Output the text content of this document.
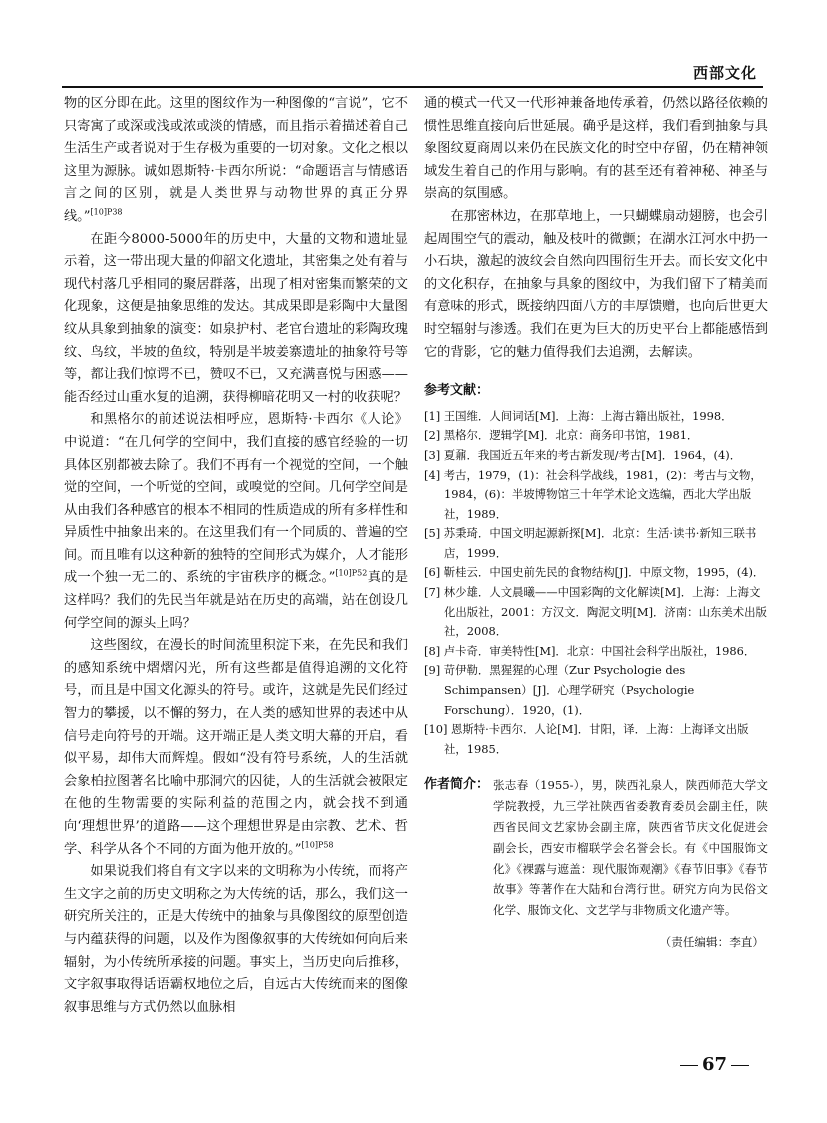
西部文化

物的区分即在此。这里的图纹作为一种图像的“言说”，它不只寄寓了或深或浅或浓或淡的情感，而且指示着描述着自己生活生产或者说对于生存极为重要的一切对象。文化之根以这里为源脉。诚如恩斯特·卡西尔所说：“命题语言与情感语言之间的区别，就是人类世界与动物世界的真正分界线。”$^{[10]P38}$

在距今8000-5000年的历史中，大量的文物和遗址显示着，这一带出现大量的仰韶文化遗址，其密集之处有着与现代村落几乎相同的聚居群落，出现了相对密集而繁荣的文化现象，这便是抽象思维的发达。其成果即是彩陶中大量图纹从具象到抽象的演变：如泉护村、老官台遗址的彩陶玫瑰纹、鸟纹，半坡的鱼纹，特别是半坡姜寨遗址的抽象符号等等，都让我们惊谔不已，赞叹不已，又充满喜悦与困惑——能否经过山重水复的追溯，获得柳暗花明又一村的收获呢？

和黑格尔的前述说法相呼应，恩斯特·卡西尔《人论》中说道：“在几何学的空间中，我们直接的感官经验的一切具体区别都被去除了。我们不再有一个视觉的空间，一个触觉的空间，一个听觉的空间，或嗅觉的空间。几何学空间是从由我们各种感官的根本不相同的性质造成的所有多样性和异质性中抽象出来的。在这里我们有一个同质的、普遍的空间。而且唯有以这种新的独特的空间形式为媒介，人才能形成一个独一无二的、系统的宇宙秩序的概念。”$^{[10]P52}$真的是这样吗？我们的先民当年就是站在历史的高端，站在创设几何学空间的源头上吗？

这些图纹，在漫长的时间流里积淀下来，在先民和我们的感知系统中熠熠闪光，所有这些都是值得追溯的文化符号，而且是中国文化源头的符号。或许，这就是先民们经过智力的攀援，以不懈的努力，在人类的感知世界的表述中从信号走向符号的开端。这开端正是人类文明大幕的开启，看似平易，却伟大而辉煌。假如“没有符号系统，人的生活就会象柏拉图著名比喻中那洞穴的囚徒，人的生活就会被限定在他的生物需要的实际利益的范围之内，就会找不到通向‘理想世界’的道路——这个理想世界是由宗教、艺术、哲学、科学从各个不同的方面为他开放的。”$^{[10]P58}$

如果说我们将自有文字以来的文明称为小传统，而将产生文字之前的历史文明称之为大传统的话，那么，我们这一研究所关注的，正是大传统中的抽象与具像图纹的原型创造与内蕴获得的问题，以及作为图像叙事的大传统如何向后来辐射，为小传统所承接的问题。事实上，当历史向后推移，文字叙事取得话语霸权地位之后，自远古大传统而来的图像叙事思维与方式仍然以血脉相

通的模式一代又一代形神兼备地传承着，仍然以路径依赖的惯性思维直接向后世延展。确乎是这样，我们看到抽象与具象图纹夏商周以来仍在民族文化的时空中存留，仍在精神领域发生着自己的作用与影响。有的甚至还有着神秘、神圣与崇高的氛围感。

在那密林边，在那草地上，一只蝴蝶扇动翅膀，也会引起周围空气的震动，触及枝叶的微颤；在湖水江河水中扔一小石块，激起的波纹会自然向四围衍生开去。而长安文化中的文化积存，在抽象与具象的图纹中，为我们留下了精美而有意味的形式，既接纳四面八方的丰厚馈赠，也向后世更大时空辐射与渗透。我们在更为巨大的历史平台上都能感悟到它的背影，它的魅力值得我们去追溯，去解读。

参考文献：
[1] 王国维．人间词话[M]．上海：上海古籍出版社，1998．
[2] 黑格尔．逻辑学[M]．北京：商务印书馆，1981．
[3] 夏鼐．我国近五年来的考古新发现/考古[M]．1964，(4)．
[4] 考古，1979，(1)：社会科学战线，1981，(2)：考古与文物，1984，(6)：半坡博物馆三十年学术论文选编，西北大学出版社，1989．
[5] 苏秉琦．中国文明起源新探[M]．北京：生活·读书·新知三联书店，1999．
[6] 靳桂云．中国史前先民的食物结构[J]．中原文物，1995，(4)．
[7] 林少雄．人文晨曦——中国彩陶的文化解读[M]．上海：上海文化出版社，2001：方汉文．陶泥文明[M]．济南：山东美术出版社，2008．
[8] 卢卡奇．审美特性[M]．北京：中国社会科学出版社，1986．
[9] 苛伊勒．黑猩猩的心理（Zur Psychologie des Schimpansen）[J]．心理学研究（Psychologie Forschung）．1920，(1)．
[10] 恩斯特·卡西尔．人论[M]．甘阳，译．上海：上海译文出版社，1985．
作者简介： 张志春（1955-），男，陕西礼泉人，陕西师范大学文学院教授，九三学社陕西省委教育委员会副主任，陕西省民间文艺家协会副主席，陕西省节庆文化促进会副会长，西安市榴联学会名誉会长。有《中国服饰文化》《裸露与遮盖：现代服饰观潮》《春节旧事》《春节故事》等著作在大陆和台湾行世。研究方向为民俗文化学、服饰文化、文艺学与非物质文化遗产等。
（责任编辑：李直）
67
